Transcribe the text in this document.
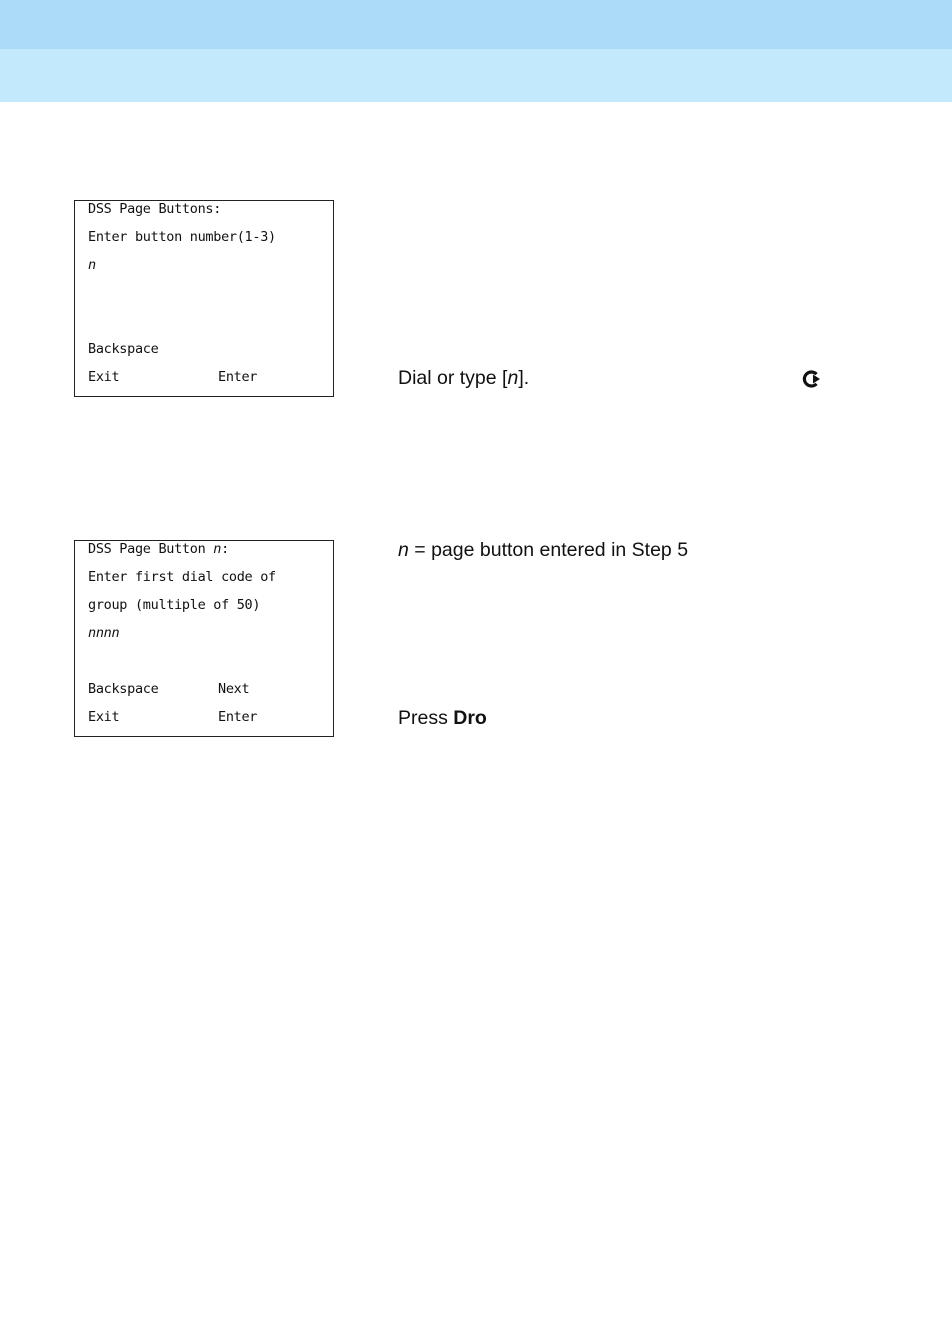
DSS Page Buttons:
Enter button number(1-3)
n
Backspace
Exit	Enter
DSS Page Button n:
Enter first dial code of
group (multiple of 50)
nnnn
Backspace	Next
Exit	Enter
Dial or type [n].
n = page button entered in Step 5
Press Dro
